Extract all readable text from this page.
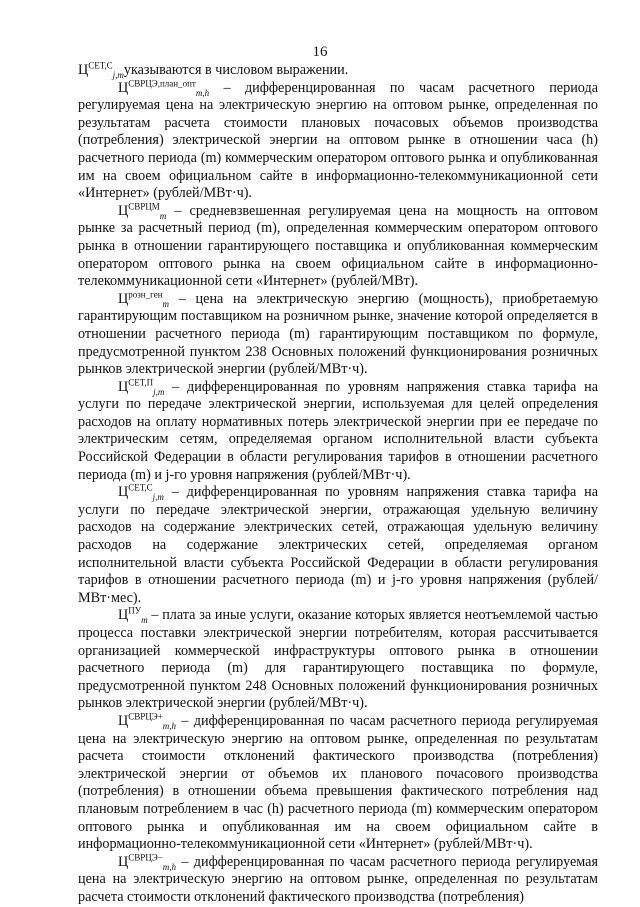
16

$Ц^{СЕТ,С}_{j,m}указываются$ в числовом выражении.

$Ц^{СВРЦЭ,план\_опт}_{m,h}$ – дифференцированная по часам расчетного периода регулируемая цена на электрическую энергию на оптовом рынке, определенная по результатам расчета стоимости плановых почасовых объемов производства (потребления) электрической энергии на оптовом рынке в отношении часа (h) расчетного периода (m) коммерческим оператором оптового рынка и опубликованная им на своем официальном сайте в информационно-телекоммуникационной сети «Интернет» (рублей/МВт·ч).

$Ц^{СВРЦМ}_m$ – средневзвешенная регулируемая цена на мощность на оптовом рынке за расчетный период (m), определенная коммерческим оператором оптового рынка в отношении гарантирующего поставщика и опубликованная коммерческим оператором оптового рынка на своем официальном сайте в информационно-телекоммуникационной сети «Интернет» (рублей/МВт).

$Ц^{розн\_ген}_m$ – цена на электрическую энергию (мощность), приобретаемую гарантирующим поставщиком на розничном рынке, значение которой определяется в отношении расчетного периода (m) гарантирующим поставщиком по формуле, предусмотренной пунктом 238 Основных положений функционирования розничных рынков электрической энергии (рублей/МВт·ч).

$Ц^{СЕТ,П}_{j,m}$ – дифференцированная по уровням напряжения ставка тарифа на услуги по передаче электрической энергии, используемая для целей определения расходов на оплату нормативных потерь электрической энергии при ее передаче по электрическим сетям, определяемая органом исполнительной власти субъекта Российской Федерации в области регулирования тарифов в отношении расчетного периода (m) и j-го уровня напряжения (рублей/МВт·ч).

$Ц^{СЕТ,С}_{j,m}$ – дифференцированная по уровням напряжения ставка тарифа на услуги по передаче электрической энергии, отражающая удельную величину расходов на содержание электрических сетей, отражающая удельную величину расходов на содержание электрических сетей, определяемая органом исполнительной власти субъекта Российской Федерации в области регулирования тарифов в отношении расчетного периода (m) и j-го уровня напряжения (рублей/МВт·мес).

$Ц^{ПУ}_m$ – плата за иные услуги, оказание которых является неотъемлемой частью процесса поставки электрической энергии потребителям, которая рассчитывается организацией коммерческой инфраструктуры оптового рынка в отношении расчетного периода (m) для гарантирующего поставщика по формуле, предусмотренной пунктом 248 Основных положений функционирования розничных рынков электрической энергии (рублей/МВт·ч).

$Ц^{СВРЦЭ+}_{m,h}$ – дифференцированная по часам расчетного периода регулируемая цена на электрическую энергию на оптовом рынке, определенная по результатам расчета стоимости отклонений фактического производства (потребления) электрической энергии от объемов их планового почасового производства (потребления) в отношении объема превышения фактического потребления над плановым потреблением в час (h) расчетного периода (m) коммерческим оператором оптового рынка и опубликованная им на своем официальном сайте в информационно-телекоммуникационной сети «Интернет» (рублей/МВт·ч).

$Ц^{СВРЦЭ-}_{m,h}$ – дифференцированная по часам расчетного периода регулируемая цена на электрическую энергию на оптовом рынке, определенная по результатам расчета стоимости отклонений фактического производства (потребления)
